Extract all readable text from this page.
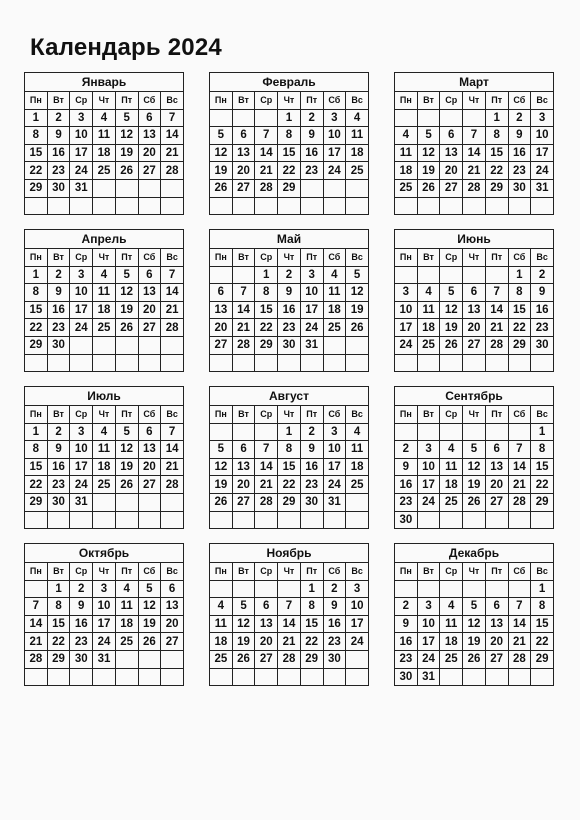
Календарь 2024
Январь						
Пн	Вт	Ср	Чт	Пт	Сб	Вс
1	2	3	4	5	6	7
8	9	10	11	12	13	14
15	16	17	18	19	20	21
22	23	24	25	26	27	28
29	30	31				

Февраль						
Пн	Вт	Ср	Чт	Пт	Сб	Вс
			1	2	3	4
5	6	7	8	9	10	11
12	13	14	15	16	17	18
19	20	21	22	23	24	25
26	27	28	29			

Март						
Пн	Вт	Ср	Чт	Пт	Сб	Вс
				1	2	3
4	5	6	7	8	9	10
11	12	13	14	15	16	17
18	19	20	21	22	23	24
25	26	27	28	29	30	31

Апрель						
Пн	Вт	Ср	Чт	Пт	Сб	Вс
1	2	3	4	5	6	7
8	9	10	11	12	13	14
15	16	17	18	19	20	21
22	23	24	25	26	27	28
29	30					

Май						
Пн	Вт	Ср	Чт	Пт	Сб	Вс
		1	2	3	4	5
6	7	8	9	10	11	12
13	14	15	16	17	18	19
20	21	22	23	24	25	26
27	28	29	30	31		

Июнь						
Пн	Вт	Ср	Чт	Пт	Сб	Вс
					1	2
3	4	5	6	7	8	9
10	11	12	13	14	15	16
17	18	19	20	21	22	23
24	25	26	27	28	29	30

Июль						
Пн	Вт	Ср	Чт	Пт	Сб	Вс
1	2	3	4	5	6	7
8	9	10	11	12	13	14
15	16	17	18	19	20	21
22	23	24	25	26	27	28
29	30	31				

Август						
Пн	Вт	Ср	Чт	Пт	Сб	Вс
			1	2	3	4
5	6	7	8	9	10	11
12	13	14	15	16	17	18
19	20	21	22	23	24	25
26	27	28	29	30	31	

Сентябрь						
Пн	Вт	Ср	Чт	Пт	Сб	Вс
						1
2	3	4	5	6	7	8
9	10	11	12	13	14	15
16	17	18	19	20	21	22
23	24	25	26	27	28	29
30						
Октябрь						
Пн	Вт	Ср	Чт	Пт	Сб	Вс
	1	2	3	4	5	6
7	8	9	10	11	12	13
14	15	16	17	18	19	20
21	22	23	24	25	26	27
28	29	30	31			

Ноябрь						
Пн	Вт	Ср	Чт	Пт	Сб	Вс
				1	2	3
4	5	6	7	8	9	10
11	12	13	14	15	16	17
18	19	20	21	22	23	24
25	26	27	28	29	30	

Декабрь						
Пн	Вт	Ср	Чт	Пт	Сб	Вс
						1
2	3	4	5	6	7	8
9	10	11	12	13	14	15
16	17	18	19	20	21	22
23	24	25	26	27	28	29
30	31					
